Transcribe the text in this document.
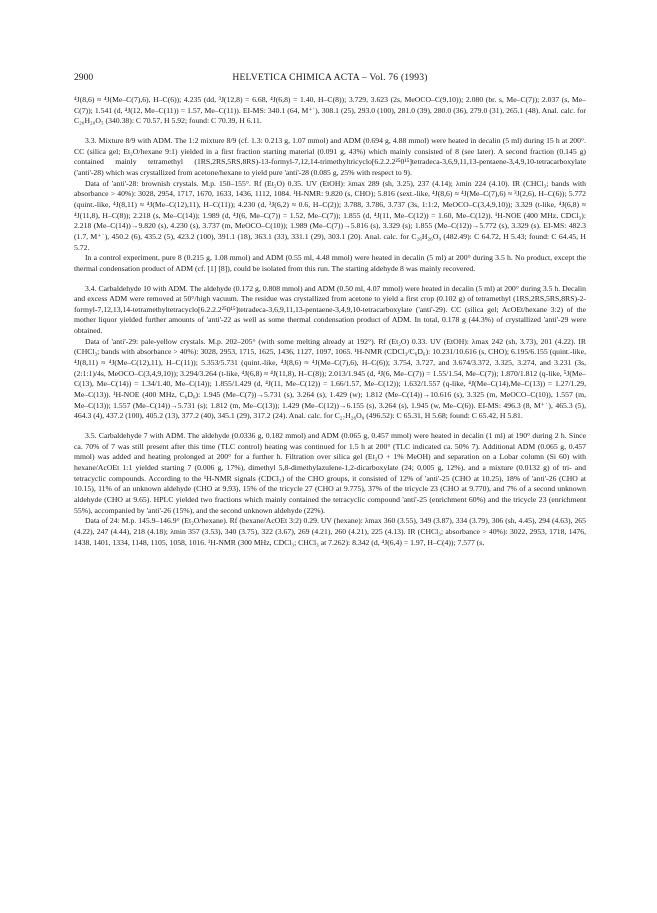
2900	HELVETICA CHIMICA ACTA – Vol. 76 (1993)

⁴J(8,6) ≈ ⁴J(Me–C(7),6), H–C(6)); 4.235 (dd, ³J(12,8) = 6.68, ⁴J(6,8) = 1.40, H–C(8)); 3.729, 3.623 (2s, MeOCO–C(9,10)); 2.080 (br. s, Me–C(7)); 2.037 (s, Me–C(7)); 1.541 (d, ⁴J(12, Me–C(11)) = 1.57, Me–C(11)). EI-MS: 340.1 (64, M⁺˙), 308.1 (25), 293.0 (100), 281.0 (39), 280.0 (36), 279.0 (31), 265.1 (48). Anal. calc. for C₂₀H₂₀O₅ (340.38): C 70.57, H 5.92; found: C 70.39, H 6.11.

3.3. Mixture 8/9 with ADM. The 1:2 mixture 8/9 (cf. 1.3: 0.213 g, 1.07 mmol) and ADM (0.694 g, 4.88 mmol) were heated in decalin (5 ml) during 15 h at 200°. CC (silica gel; Et₂O/hexane 9:1) yielded in a first fraction starting material (0.091 g, 43%) which mainly consisted of 8 (see later). A second fraction (0.145 g) contained mainly tetramethyl (1RS,2RS,5RS,8RS)-13-formyl-7,12,14-trimethyltricyclo[6.2.2.2²⁵0¹⁵]tetradeca-3,6,9,11,13-pentaene-3,4,9,10-tetracarboxylate ('anti'-28) which was crystallized from acetone/hexane to yield pure 'anti'-28 (0.085 g, 25% with respect to 9).

Data of 'anti'-28: brownish crystals. M.p. 150–155°. Rf (Et₂O) 0.35. UV (EtOH): λmax 289 (sh, 3.25), 237 (4.14); λmin 224 (4.10). IR (CHCl₃; bands with absorbance > 40%): 3028, 2954, 1717, 1670, 1633, 1436, 1112, 1084. ¹H-NMR: 9.820 (s, CHO); 5.816 (sext.-like, ⁴J(8,6) ≈ ⁴J(Me–C(7),6) ≈ ³J(2,6), H–C(6)); 5.772 (quint.-like, ⁴J(8,11) ≈ ⁴J(Me–C(12),11), H–C(11)); 4.230 (d, ³J(6,2) ≈ 0.6, H–C(2)); 3.788, 3.786, 3.737 (3s, 1:1:2, MeOCO–C(3,4,9,10)); 3.329 (t-like, ⁴J(6,8) ≈ ⁴J(11,8), H–C(8)); 2.218 (s, Me–C(14)); 1.989 (d, ⁴J(6, Me–C(7)) = 1.52, Me–C(7)); 1.855 (d, ⁴J(11, Me–C(12)) = 1.60, Me–C(12)). ¹H-NOE (400 MHz, CDCl₃): 2.218 (Me–C(14))→9.820 (s), 4.230 (s), 3.737 (m, MeOCO–C(10)); 1.989 (Me–C(7))→5.816 (s), 3.329 (s); 1.855 (Me–C(12))→5.772 (s), 3.329 (s). EI-MS: 482.3 (1.7, M⁺˙), 450.2 (6), 435.2 (5), 423.2 (100), 391.1 (18), 363.1 (33), 331.1 (29), 303.1 (20). Anal. calc. for C₂₆H₂₆O₉ (482.49): C 64.72, H 5.43; found: C 64.45, H 5.72.

In a control experiment, pure 8 (0.215 g, 1.08 mmol) and ADM (0.55 ml, 4.48 mmol) were heated in decalin (5 ml) at 200° during 3.5 h. No product, except the thermal condensation product of ADM (cf. [1] [8]), could be isolated from this run. The starting aldehyde 8 was mainly recovered.

3.4. Carbaldehyde 10 with ADM. The aldehyde (0.172 g, 0.808 mmol) and ADM (0.50 ml, 4.07 mmol) were heated in decalin (5 ml) at 200° during 3.5 h. Decalin and excess ADM were removed at 50°/high vacuum. The residue was crystallized from acetone to yield a first crop (0.102 g) of tetramethyl (1RS,2RS,5RS,8RS)-2-formyl-7,12,13,14-tetramethyltetracyclo[6.2.2.2²⁵0¹⁵]tetradeca-3,6,9,11,13-pentaene-3,4,9,10-tetracarboxylate ('anti'-29). CC (silica gel; AcOEt/hexane 3:2) of the mother liquor yielded further amounts of 'anti'-22 as well as some thermal condensation product of ADM. In total, 0.178 g (44.3%) of crystallized 'anti'-29 were obtained.

Data of 'anti'-29: pale-yellow crystals. M.p. 202–205° (with some melting already at 192°). Rf (Et₂O) 0.33. UV (EtOH): λmax 242 (sh, 3.73), 201 (4.22). IR (CHCl₃; bands with absorbance > 40%): 3028, 2953, 1715, 1625, 1436, 1127, 1097, 1065. ¹H-NMR (CDCl₃/C₆D₆): 10.231/10.616 (s, CHO); 6.195/6.155 (quint.-like, ⁴J(8,11) ≈ ⁴J(Me–C(12),11), H–C(11)); 5.353/5.731 (quint.-like, ⁴J(8,6) ≈ ⁴J(Me–C(7),6), H–C(6)); 3.754, 3.727, and 3.674/3.372, 3.325, 3.274, and 3.231 (3s, (2:1:1)/4s, MeOCO–C(3,4,9,10)); 3.294/3.264 (t-like, ⁴J(6,8) ≈ ⁴J(11,8), H–C(8)); 2.013/1.945 (d, ⁴J(6, Me–C(7)) = 1.55/1.54, Me–C(7)); 1.870/1.812 (q-like, ⁵J(Me–C(13), Me–C(14)) = 1.34/1.40, Me–C(14)); 1.855/1.429 (d, ⁴J(11, Me–C(12)) = 1.66/1.57, Me–C(12)); 1.632/1.557 (q-like, ⁴J(Me–C(14),Me–C(13)) = 1.27/1.29, Me–C(13)). ¹H-NOE (400 MHz, C₆D₆): 1.945 (Me–C(7))→5.731 (s), 3.264 (s), 1.429 (w); 1.812 (Me–C(14))→10.616 (s), 3.325 (m, MeOCO–C(10)), 1.557 (m, Me–C(13)); 1.557 (Me–C(14))→5.731 (s); 1.812 (m, Me–C(13)); 1.429 (Me–C(12))→6.155 (s), 3.264 (s), 1.945 (w, Me–C(6)). EI-MS: 496.3 (8, M⁺˙), 465.3 (5), 464.3 (4), 437.2 (100), 405.2 (13), 377.2 (40), 345.1 (29), 317.2 (24). Anal. calc. for C₂₇H₂₈O₉ (496.52): C 65.31, H 5.68; found: C 65.42, H 5.81.

3.5. Carbaldehyde 7 with ADM. The aldehyde (0.0336 g, 0.182 mmol) and ADM (0.065 g, 0.457 mmol) were heated in decalin (1 ml) at 190° during 2 h. Since ca. 70% of 7 was still present after this time (TLC control) heating was continued for 1.5 h at 200° (TLC indicated ca. 50% 7). Additional ADM (0.065 g, 0.457 mmol) was added and heating prolonged at 200° for a further h. Filtration over silica gel (Et₂O + 1% MeOH) and separation on a Lobar column (Si 60) with hexane/AcOEt 1:1 yielded starting 7 (0.006 g, 17%), dimethyl 5,8-dimethylazulene-1,2-dicarboxylate (24; 0.005 g, 12%), and a mixture (0.0132 g) of tri- and tetracyclic compounds. According to the ¹H-NMR signals (CDCl₃) of the CHO groups, it consisted of 12% of 'anti'-25 (CHO at 10.25), 18% of 'anti'-26 (CHO at 10.15), 11% of an unknown aldehyde (CHO at 9.93), 15% of the tricycle 27 (CHO at 9.775), 37% of the tricycle 23 (CHO at 9.770), and 7% of a second unknown aldehyde (CHO at 9.65). HPLC yielded two fractions which mainly contained the tetracyclic compound 'anti'-25 (enrichment 60%) and the tricycle 23 (enrichment 55%), accompanied by 'anti'-26 (15%), and the second unknown aldehyde (22%).

Data of 24: M.p. 145.9–146.9° (Et₂O/hexane). Rf (hexane/AcOEt 3:2) 0.29. UV (hexane): λmax 360 (3.55), 349 (3.87), 334 (3.79), 306 (sh, 4.45), 294 (4.63), 265 (4.22), 247 (4.44), 218 (4.18); λmin 357 (3.53), 340 (3.75), 322 (3.67), 269 (4.21), 260 (4.21), 225 (4.13). IR (CHCl₃; absorbance > 40%): 3022, 2953, 1718, 1476, 1438, 1401, 1334, 1148, 1105, 1058, 1016. ¹H-NMR (300 MHz, CDCl₃; CHCl₃ at 7.262): 8.342 (d, ⁴J(6,4) = 1.97, H–C(4)); 7.577 (s,
